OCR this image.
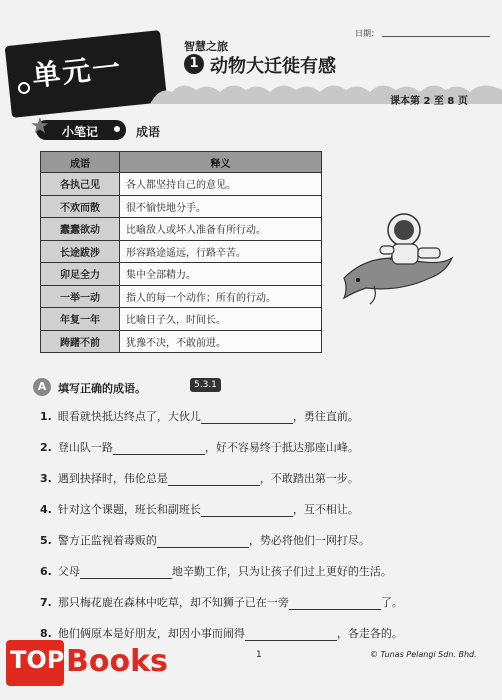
日期：
单元一
智慧之旅
1 动物大迁徙有感
课本第 2 至 8 页
★ 小笔记	成语
成语	释义
各执己见	各人都坚持自己的意见。
不欢而散	很不愉快地分手。
蠢蠢欲动	比喻敌人或坏人准备有所行动。
长途跋涉	形容路途遥远，行路辛苦。
卯足全力	集中全部精力。
一举一动	指人的每一个动作；所有的行动。
年复一年	比喻日子久，时间长。
踌躇不前	犹豫不决，不敢前进。
A	填写正确的成语。	5.3.1
1. 眼看就快抵达终点了，大伙儿	，勇往直前。
2. 登山队一路	，好不容易终于抵达那座山峰。
3. 遇到抉择时，伟伦总是	，不敢踏出第一步。
4. 针对这个课题，班长和副班长	，互不相让。
5. 警方正监视着毒贩的	，势必将他们一网打尽。
6. 父母	地辛勤工作，只为让孩子们过上更好的生活。
7. 那只梅花鹿在森林中吃草，却不知狮子已在一旁	了。
8. 他们俩原本是好朋友，却因小事而闹得	，各走各的。
1	© Tunas Pelangi Sdn. Bhd.
TOP Books
